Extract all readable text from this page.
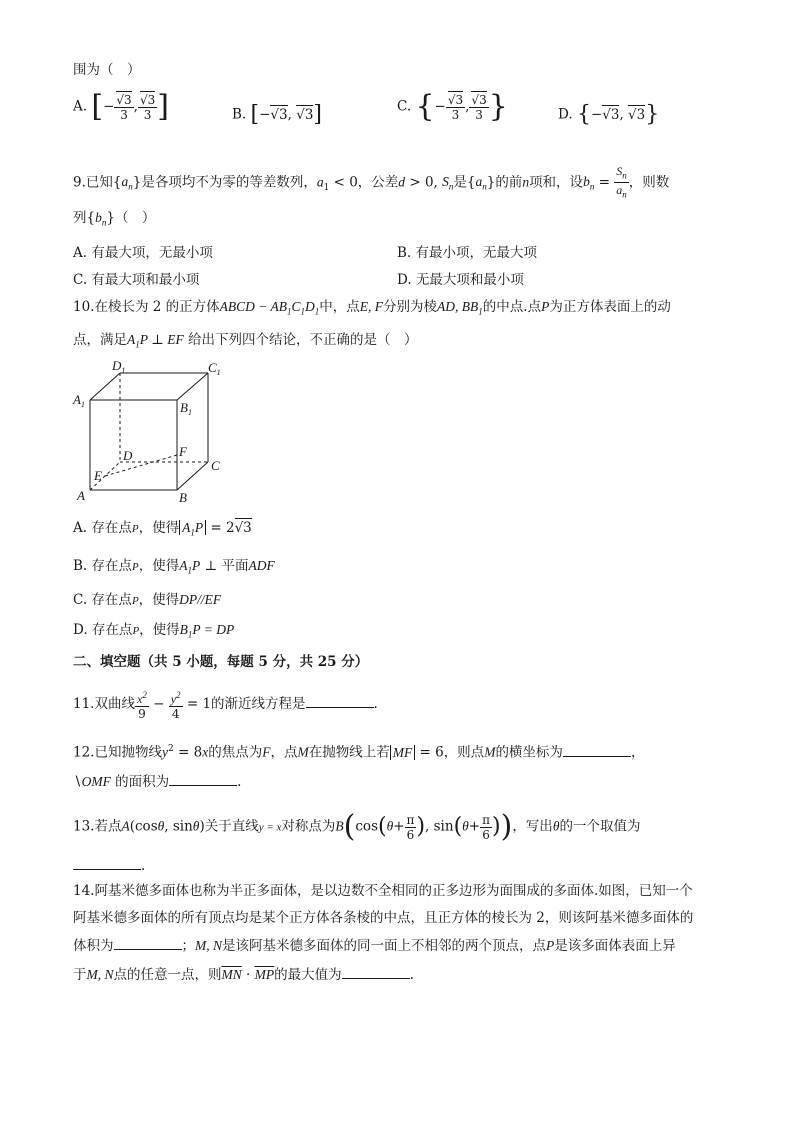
围为（　）
A. [− $\frac{√3}{3}$ , $\frac{√3}{3}$ ]	B. [−√3, √3]	C. {− $\frac{√3}{3}$ , $\frac{√3}{3}$ }	D. {−√3, √3}
9.已知$\{a_n\}$是各项均不为零的等差数列，$a_1 < 0$，公差d > 0, $S_n$是$\{a_n\}$的前n项和，设$b_n = \frac{S_n}{a_n}$ ，则数
列$\{b_n\}$（　）
A. 有最大项，无最小项	B. 有最小项，无最大项
C. 有最大项和最小项	D. 无最大项和最小项
10.在棱长为 2 的正方体ABCD − $AB_1C_1D_1$中，点E, F分别为棱AD, $BB_1$的中点.点P为正方体表面上的动
点，满足$A_1P$ ⊥ EF 给出下列四个结论，不正确的是（　）
$D_1$	$C_1$
$A_1$	$B_1$
D	F
C
E
A	B
A. 存在点P，使得 $A_1P = 2√3$
B. 存在点P，使得$A_1P$ ⊥ 平面ADF
C. 存在点P，使得DP//EF
D. 存在点P，使得$B_1P$ = DP
二、填空题（共 5 小题，每题 5 分，共 25 分）
11.双曲线 $\frac{x^2}{9} - \frac{y^2}{4} = 1$的渐近线方程是	.
12.已知抛物线$y^2 = 8x$的焦点为F，点M在抛物线上若 MF = 6，则点M的横坐标为	，
∖OMF 的面积为	.
13.若点A(cosθ, sinθ)关于直线y = x对称点为$B(\cos(\theta+ \frac{\pi}{6}$ ), $\sin(\theta+ \frac{\pi}{6}$ ))，写出θ的一个取值为
.
14.阿基米德多面体也称为半正多面体，是以边数不全相同的正多边形为面围成的多面体.如图，已知一个
阿基米德多面体的所有顶点均是某个正方体各条棱的中点，且正方体的棱长为 2，则该阿基米德多面体的
体积为	；M, N是该阿基米德多面体的同一面上不相邻的两个顶点，点P是该多面体表面上异
于M, N点的任意一点，则$\overline{MN} \cdot \overline{MP}$的最大值为	.
